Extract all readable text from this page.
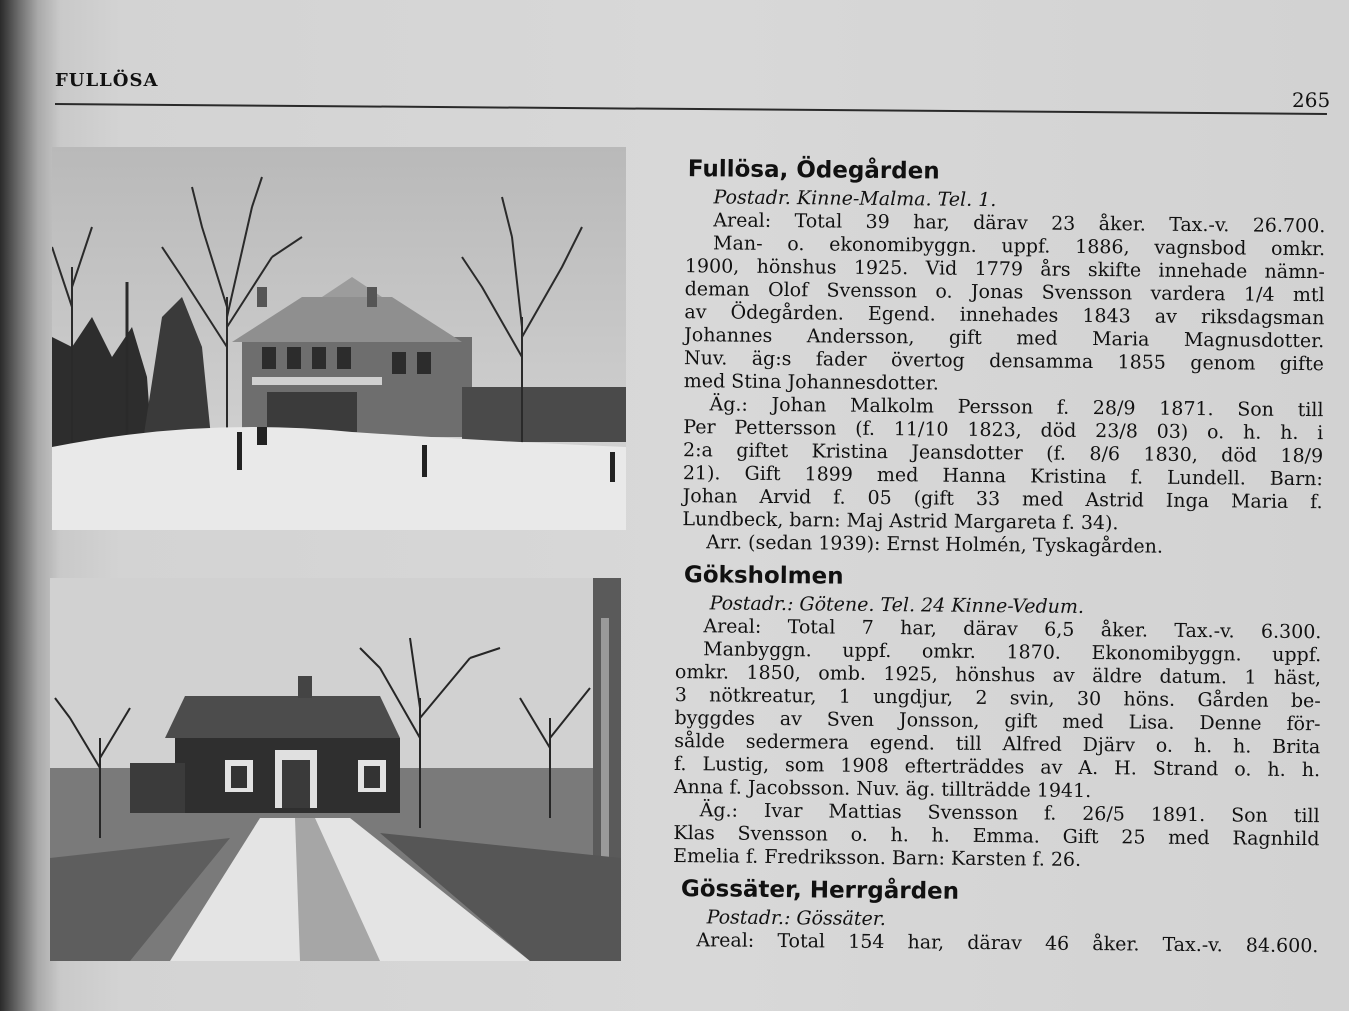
FULLÖSA
265
Fullösa, Ödegården
Postadr. Kinne-Malma. Tel. 1.
Areal: Total 39 har, därav 23 åker. Tax.-v. 26.700.
Man- o. ekonomibyggn. uppf. 1886, vagnsbod omkr.
1900, hönshus 1925. Vid 1779 års skifte innehade nämn-
deman Olof Svensson o. Jonas Svensson vardera 1/4 mtl
av Ödegården. Egend. innehades 1843 av riksdagsman
Johannes Andersson, gift med Maria Magnusdotter.
Nuv. äg:s fader övertog densamma 1855 genom gifte
med Stina Johannesdotter.
Äg.: Johan Malkolm Persson f. 28/9 1871. Son till
Per Pettersson (f. 11/10 1823, död 23/8 03) o. h. h. i
2:a giftet Kristina Jeansdotter (f. 8/6 1830, död 18/9
21). Gift 1899 med Hanna Kristina f. Lundell. Barn:
Johan Arvid f. 05 (gift 33 med Astrid Inga Maria f.
Lundbeck, barn: Maj Astrid Margareta f. 34).
Arr. (sedan 1939): Ernst Holmén, Tyskagården.
Göksholmen
Postadr.: Götene. Tel. 24 Kinne-Vedum.
Areal: Total 7 har, därav 6,5 åker. Tax.-v. 6.300.
Manbyggn. uppf. omkr. 1870. Ekonomibyggn. uppf.
omkr. 1850, omb. 1925, hönshus av äldre datum. 1 häst,
3 nötkreatur, 1 ungdjur, 2 svin, 30 höns. Gården be-
byggdes av Sven Jonsson, gift med Lisa. Denne för-
sålde sedermera egend. till Alfred Djärv o. h. h. Brita
f. Lustig, som 1908 efterträddes av A. H. Strand o. h. h.
Anna f. Jacobsson. Nuv. äg. tillträdde 1941.
Äg.: Ivar Mattias Svensson f. 26/5 1891. Son till
Klas Svensson o. h. h. Emma. Gift 25 med Ragnhild
Emelia f. Fredriksson. Barn: Karsten f. 26.
Gössäter, Herrgården
Postadr.: Gössäter.
Areal: Total 154 har, därav 46 åker. Tax.-v. 84.600.
